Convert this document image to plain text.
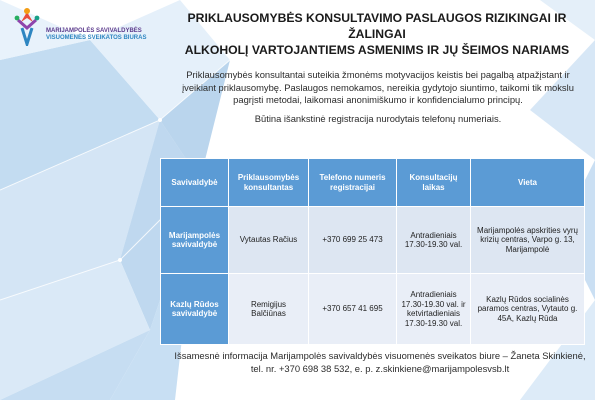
MARIJAMPOLĖS SAVIVALDYBĖS
VISUOMENĖS SVEIKATOS BIURAS
PRIKLAUSOMYBĖS KONSULTAVIMO PASLAUGOS RIZIKINGAI IR ŽALINGAI
ALKOHOLĮ VARTOJANTIEMS ASMENIMS IR JŲ ŠEIMOS NARIAMS

Priklausomybės konsultantai suteikia žmonėms motyvacijos keistis bei pagalbą atpažįstant ir įveikiant priklausomybę. Paslaugos nemokamos, nereikia gydytojo siuntimo, taikomi tik mokslu pagrįsti metodai, laikomasi anonimiškumo ir konfidencialumo principų.

Būtina išankstinė registracija nurodytais telefonų numeriais.

Savivaldybė	Priklausomybės konsultantas	Telefono numeris registracijai	Konsultacijų laikas	Vieta
Marijampolės savivaldybė	Vytautas Račius	+370 699 25 473	Antradieniais 17.30-19.30 val.	Marijampolės apskrities vyrų krizių centras, Varpo g. 13, Marijampolė
Kazlų Rūdos savivaldybė	Remigijus Balčiūnas	+370 657 41 695	Antradieniais 17.30-19.30 val. ir ketvirtadieniais 17.30-19.30 val.	Kazlų Rūdos socialinės paramos centras, Vytauto g. 45A, Kazlų Rūda

Išsamesnė informacija Marijampolės savivaldybės visuomenės sveikatos biure – Žaneta Skinkienė, tel. nr. +370 698 38 532, e. p. z.skinkiene@marijampolesvsb.lt
